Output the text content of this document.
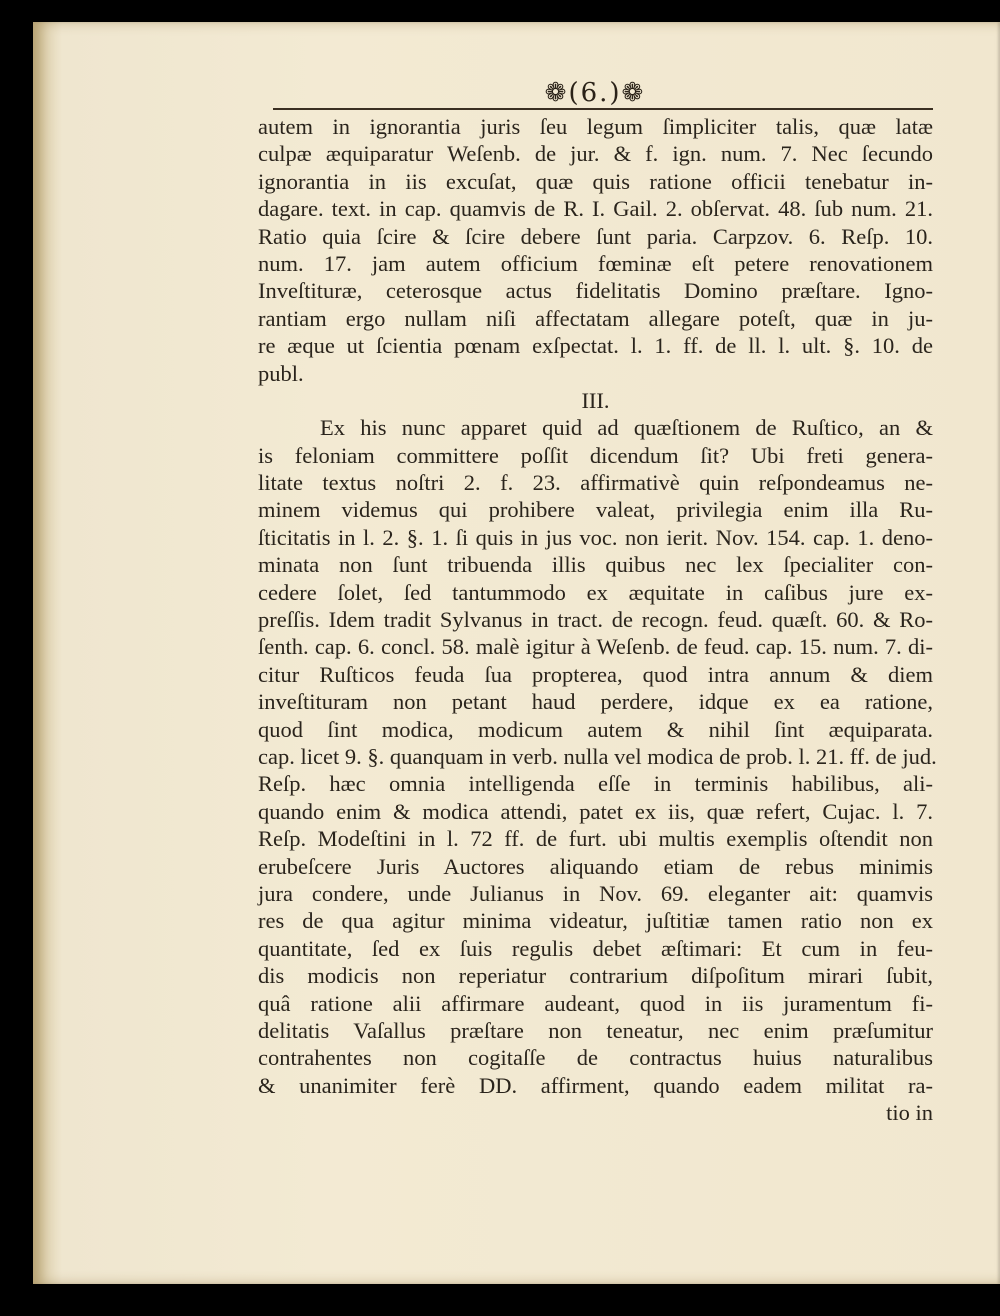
❁(6.)❁
autem in ignorantia juris ſeu legum ſimpliciter talis, quæ latæ
culpæ æquiparatur Weſenb. de jur. & f. ign. num. 7. Nec ſecundo
ignorantia in iis excuſat, quæ quis ratione officii tenebatur in-
dagare. text. in cap. quamvis de R. I. Gail. 2. obſervat. 48. ſub num. 21.
Ratio quia ſcire & ſcire debere ſunt paria. Carpzov. 6. Reſp. 10.
num. 17. jam autem officium fœminæ eſt petere renovationem
Inveſtituræ, ceterosque actus fidelitatis Domino præſtare. Igno-
rantiam ergo nullam niſi affectatam allegare poteſt, quæ in ju-
re æque ut ſcientia pœnam exſpectat. l. 1. ff. de ll. l. ult. §. 10. de
publ.
III.
Ex his nunc apparet quid ad quæſtionem de Ruſtico, an &
is feloniam committere poſſit dicendum ſit? Ubi freti genera-
litate textus noſtri 2. f. 23. affirmativè quin reſpondeamus ne-
minem videmus qui prohibere valeat, privilegia enim illa Ru-
ſticitatis in l. 2. §. 1. ſi quis in jus voc. non ierit. Nov. 154. cap. 1. deno-
minata non ſunt tribuenda illis quibus nec lex ſpecialiter con-
cedere ſolet, ſed tantummodo ex æquitate in caſibus jure ex-
preſſis. Idem tradit Sylvanus in tract. de recogn. feud. quæſt. 60. & Ro-
ſenth. cap. 6. concl. 58. malè igitur à Weſenb. de feud. cap. 15. num. 7. di-
citur Ruſticos feuda ſua propterea, quod intra annum & diem
inveſtituram non petant haud perdere, idque ex ea ratione,
quod ſint modica, modicum autem & nihil ſint æquiparata.
cap. licet 9. §. quanquam in verb. nulla vel modica de prob. l. 21. ff. de jud.
Reſp. hæc omnia intelligenda eſſe in terminis habilibus, ali-
quando enim & modica attendi, patet ex iis, quæ refert, Cujac. l. 7.
Reſp. Modeſtini in l. 72 ff. de furt. ubi multis exemplis oſtendit non
erubeſcere Juris Auctores aliquando etiam de rebus minimis
jura condere, unde Julianus in Nov. 69. eleganter ait: quamvis
res de qua agitur minima videatur, juſtitiæ tamen ratio non ex
quantitate, ſed ex ſuis regulis debet æſtimari: Et cum in feu-
dis modicis non reperiatur contrarium diſpoſitum mirari ſubit,
quâ ratione alii affirmare audeant, quod in iis juramentum fi-
delitatis Vaſallus præſtare non teneatur, nec enim præſumitur
contrahentes non cogitaſſe de contractus huius naturalibus
& unanimiter ferè DD. affirment, quando eadem militat ra-
tio in
